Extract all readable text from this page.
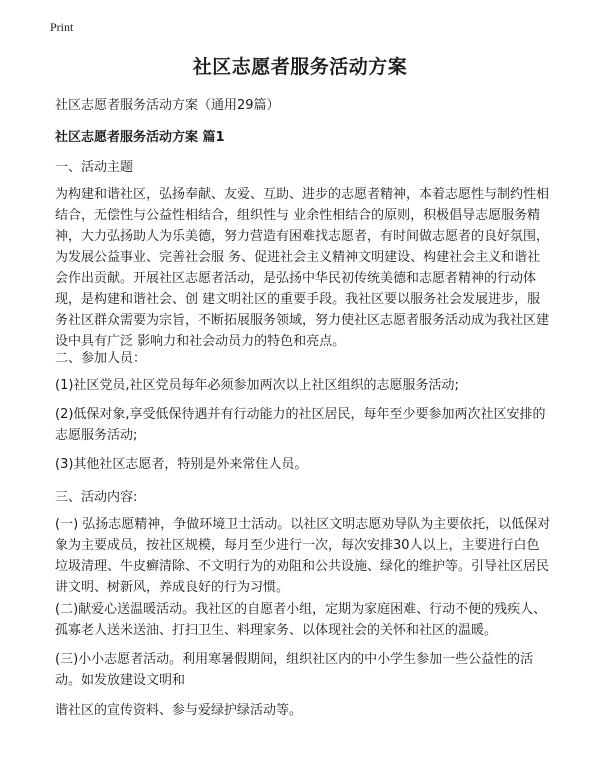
Print
社区志愿者服务活动方案
社区志愿者服务活动方案（通用29篇）
社区志愿者服务活动方案 篇1
一、活动主题

为构建和谐社区，弘扬奉献、友爱、互助、进步的志愿者精神，本着志愿性与制约性相结合，无偿性与公益性相结合，组织性与 业余性相结合的原则，积极倡导志愿服务精神，大力弘扬助人为乐美德，努力营造有困难找志愿者，有时间做志愿者的良好氛围，为发展公益事业、完善社会服 务、促进社会主义精神文明建设、构建社会主义和谐社会作出贡献。开展社区志愿者活动，是弘扬中华民初传统美德和志愿者精神的行动体现，是构建和谐社会、创 建文明社区的重要手段。我社区要以服务社会发展进步，服务社区群众需要为宗旨，不断拓展服务领域，努力使社区志愿者服务活动成为我社区建设中具有广泛 影响力和社会动员力的特色和亮点。

二、参加人员：

(1)社区党员,社区党员每年必须参加两次以上社区组织的志愿服务活动;

(2)低保对象,享受低保待遇并有行动能力的社区居民，每年至少要参加两次社区安排的志愿服务活动;

(3)其他社区志愿者，特别是外来常住人员。

三、活动内容:

(一) 弘扬志愿精神，争做环境卫士活动。以社区文明志愿劝导队为主要依托，以低保对象为主要成员，按社区规模，每月至少进行一次，每次安排30人以上，主要进行白色垃圾清理、牛皮癣清除、不文明行为的劝阻和公共设施、绿化的维护等。引导社区居民讲文明、树新风，养成良好的行为习惯。

(二)献爱心送温暖活动。我社区的自愿者小组，定期为家庭困难、行动不便的残疾人、孤寡老人送米送油、打扫卫生、料理家务、以体现社会的关怀和社区的温暖。

(三)小小志愿者活动。利用寒暑假期间，组织社区内的中小学生参加一些公益性的活动。如发放建设文明和

谐社区的宣传资料、参与爱绿护绿活动等。
